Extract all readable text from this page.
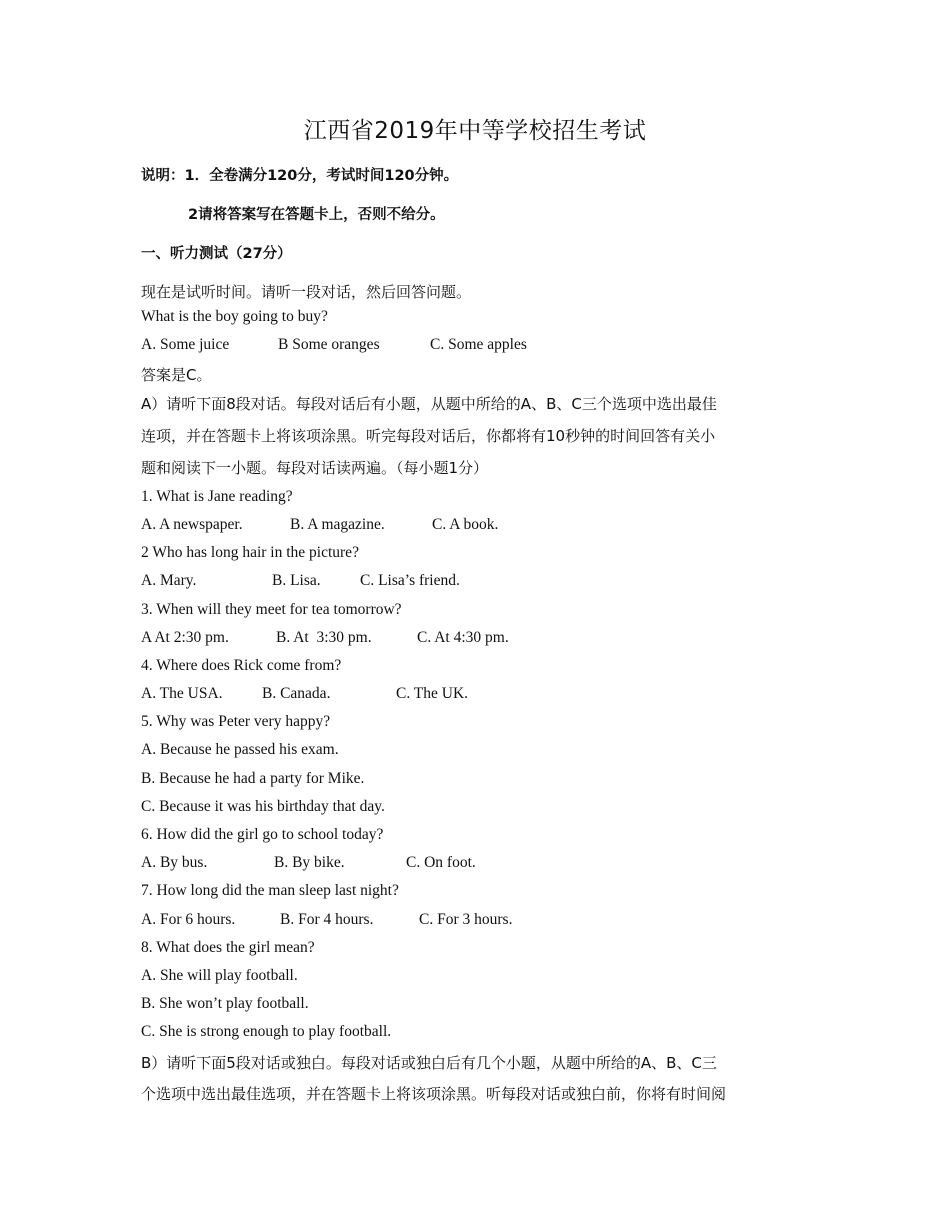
江西省2019年中等学校招生考试
说明：1．全卷满分120分，考试时间120分钟。
2请将答案写在答题卡上，否则不给分。
一、听力测试（27分）
现在是试听时间。请听一段对话，然后回答问题。
What is the boy going to buy?
A. Some juice	B Some oranges	C. Some apples
答案是C。
A）请听下面8段对话。每段对话后有小题，从题中所给的A、B、C三个选项中选出最佳
连项，并在答题卡上将该项涂黑。听完每段对话后，你都将有10秒钟的时间回答有关小
题和阅读下一小题。每段对话读两遍。（每小题1分）
1. What is Jane reading?
A. A newspaper.	B. A magazine.	C. A book.
2 Who has long hair in the picture?
A. Mary.	B. Lisa.	C. Lisa’s friend.
3. When will they meet for tea tomorrow?
A At 2:30 pm.	B. At  3:30 pm.	C. At 4:30 pm.
4. Where does Rick come from?
A. The USA.	B. Canada.	C. The UK.
5. Why was Peter very happy?
A. Because he passed his exam.
B. Because he had a party for Mike.
C. Because it was his birthday that day.
6. How did the girl go to school today?
A. By bus.	B. By bike.	C. On foot.
7. How long did the man sleep last night?
A. For 6 hours.	B. For 4 hours.	C. For 3 hours.
8. What does the girl mean?
A. She will play football.
B. She won’t play football.
C. She is strong enough to play football.
B）请听下面5段对话或独白。每段对话或独白后有几个小题，从题中所给的A、B、C三
个选项中选出最佳选项，并在答题卡上将该项涂黑。听每段对话或独白前，你将有时间阅
